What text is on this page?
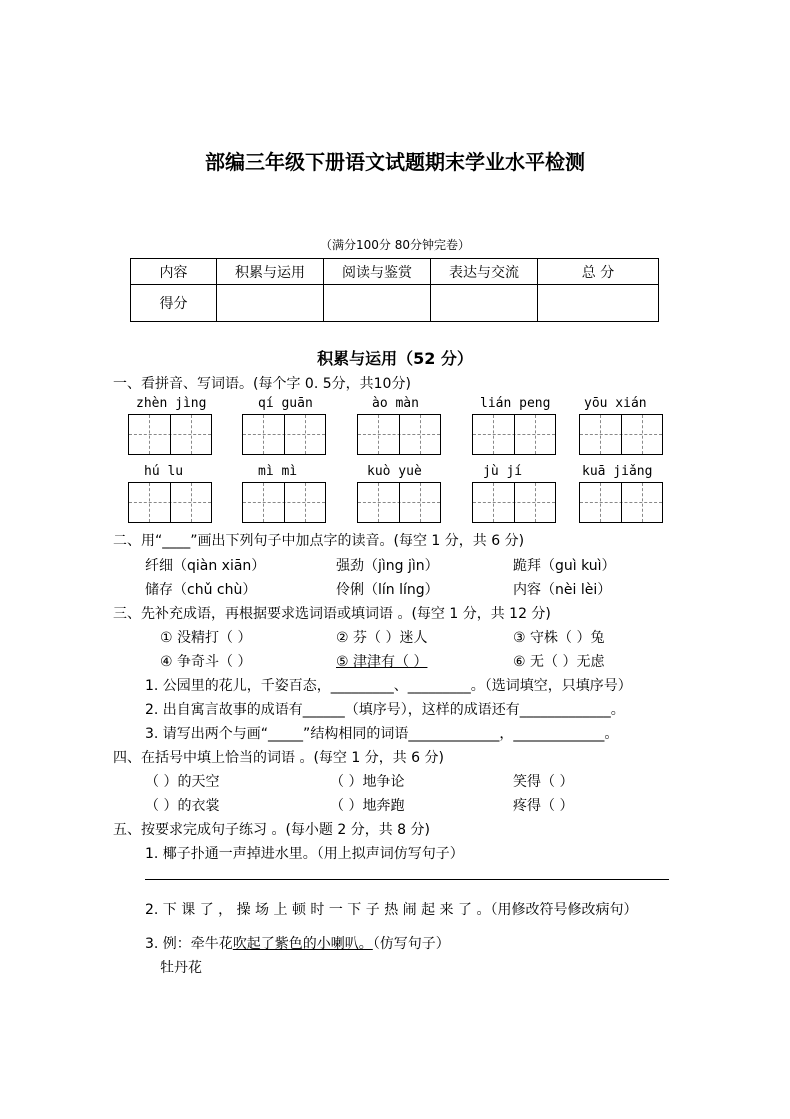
部编三年级下册语文试题期末学业水平检测
（满分100分 80分钟完卷）
内容	积累与运用	阅读与鉴赏	表达与交流	总 分
得分				
积累与运用（52 分）
一、看拼音、写词语。(每个字 0. 5分，共10分)
zhèn jìng	qí guān	ào màn	lián peng	yōu xián
hú lu	mì mì	kuò yuè	jù jí	kuā jiǎng
二、用“____”画出下列句子中加点字的读音。(每空 1 分，共 6 分)
纤细（qiàn xiān）	强劲（jìng jìn）	跪拜（guì kuì）
储存（chǔ chù）	伶俐（lín líng）	内容（nèi lèi）
三、先补充成语，再根据要求选词语或填词语 。(每空 1 分，共 12 分)
① 没精打（ ）	② 芬（ ）迷人	③ 守株（ ）兔
④ 争奇斗（ ）	⑤ 津津有（ ）	⑥ 无（ ）无虑
1. 公园里的花儿，千姿百态，_________、_________。（选词填空，只填序号）
2. 出自寓言故事的成语有______（填序号），这样的成语还有_____________。
3. 请写出两个与画“_____”结构相同的词语_____________，_____________。
四、在括号中填上恰当的词语 。(每空 1 分，共 6 分)
（ ）的天空	（ ）地争论	笑得（ ）
（ ）的衣裳	（ ）地奔跑	疼得（ ）
五、按要求完成句子练习 。(每小题 2 分，共 8 分)
1. 椰子扑通一声掉进水里。（用上拟声词仿写句子）
2. 下 课 了 ， 操 场 上 顿 时 一 下 子 热 闹 起 来 了 。（用修改符号修改病句）
3. 例：牵牛花吹起了紫色的小喇叭。（仿写句子）
牡丹花
